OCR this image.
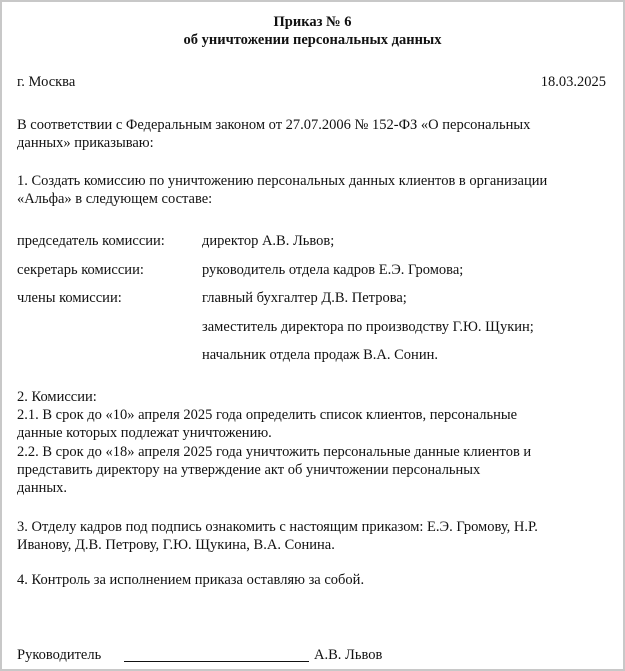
Приказ № 6
об уничтожении персональных данных
г. Москва	18.03.2025
В соответствии с Федеральным законом от 27.07.2006 № 152-ФЗ «О персональных
данных» приказываю:
1. Создать комиссию по уничтожению персональных данных клиентов в организации
«Альфа» в следующем составе:
председатель комиссии:	директор А.В. Львов;
секретарь комиссии:	руководитель отдела кадров Е.Э. Громова;
члены комиссии:	главный бухгалтер Д.В. Петрова;
заместитель директора по производству Г.Ю. Щукин;
начальник отдела продаж В.А. Сонин.
2. Комиссии:
2.1. В срок до «10» апреля 2025 года определить список клиентов, персональные
данные которых подлежат уничтожению.
2.2. В срок до «18» апреля 2025 года уничтожить персональные данные клиентов и
представить директору на утверждение акт об уничтожении персональных
данных.
3. Отделу кадров под подпись ознакомить с настоящим приказом: Е.Э. Громову, Н.Р.
Иванову, Д.В. Петрову, Г.Ю. Щукина, В.А. Сонина.
4. Контроль за исполнением приказа оставляю за собой.
Руководитель	А.В. Львов
